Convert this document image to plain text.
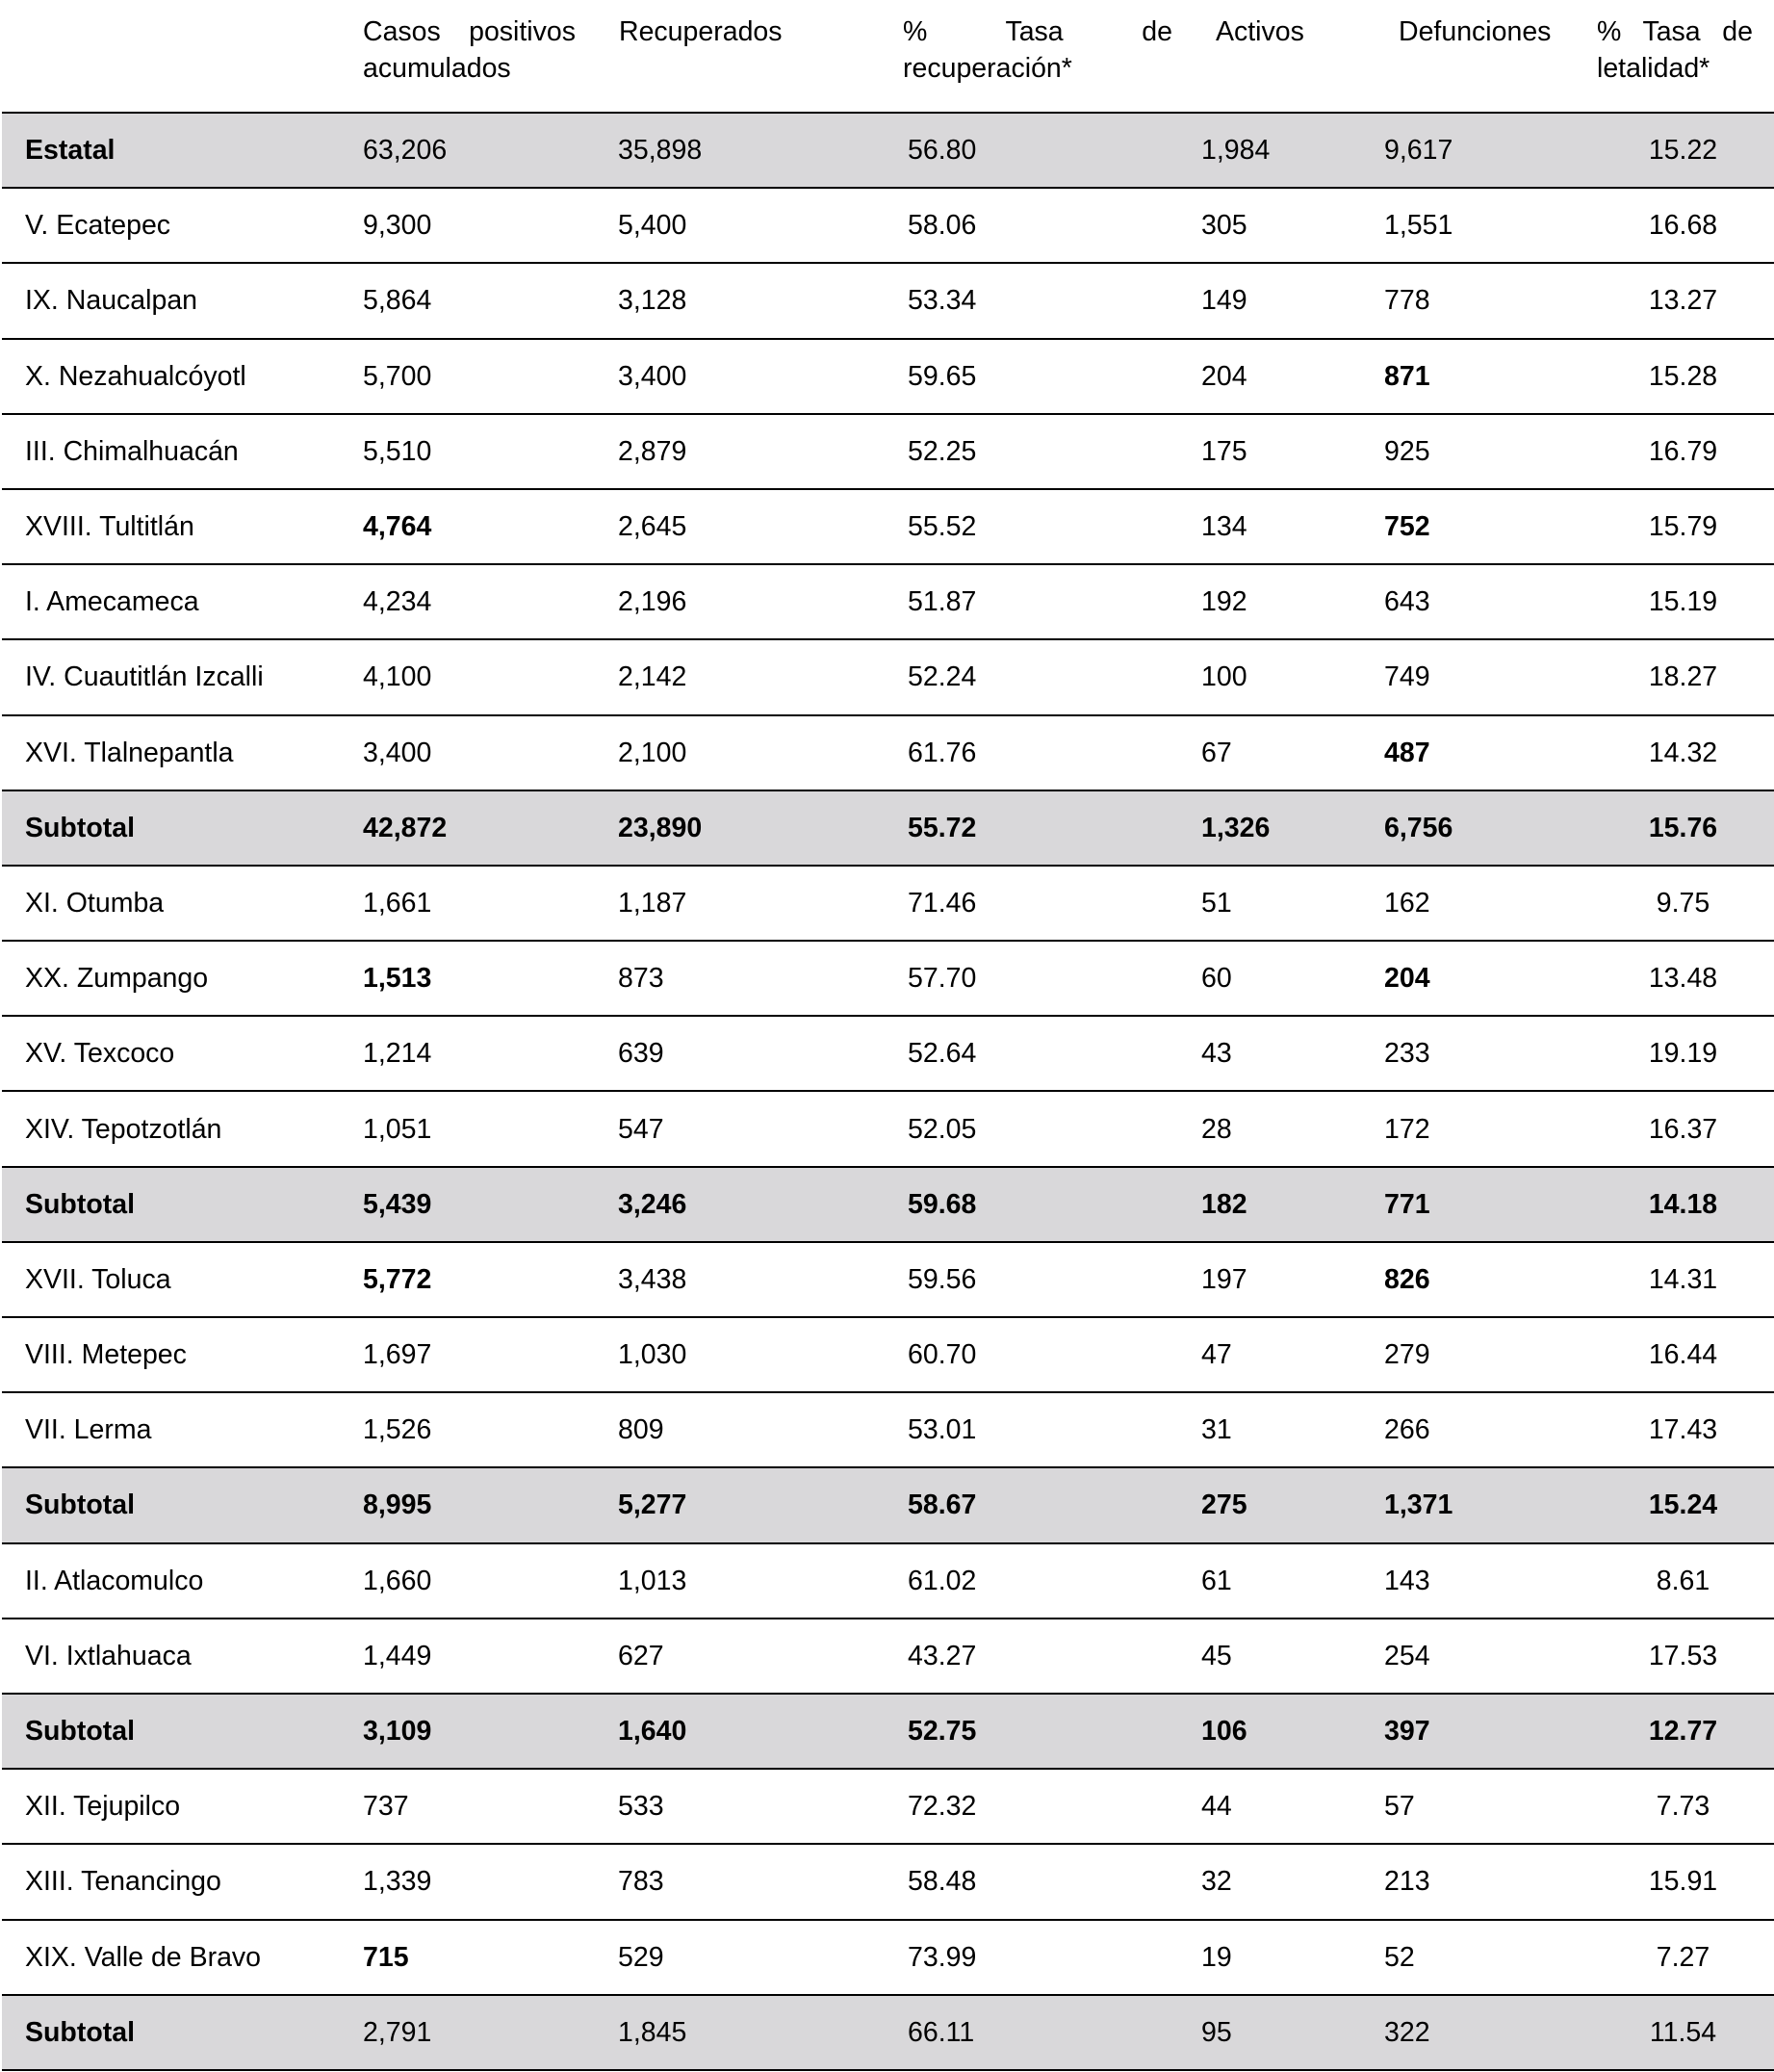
	Casos positivos acumulados	Recuperados	% Tasa de recuperación*	Activos	Defunciones	% Tasa de letalidad*
Estatal	63,206	35,898	56.80	1,984	9,617	15.22
V. Ecatepec	9,300	5,400	58.06	305	1,551	16.68
IX. Naucalpan	5,864	3,128	53.34	149	778	13.27
X. Nezahualcóyotl	5,700	3,400	59.65	204	871	15.28
III. Chimalhuacán	5,510	2,879	52.25	175	925	16.79
XVIII. Tultitlán	4,764	2,645	55.52	134	752	15.79
I. Amecameca	4,234	2,196	51.87	192	643	15.19
IV. Cuautitlán Izcalli	4,100	2,142	52.24	100	749	18.27
XVI. Tlalnepantla	3,400	2,100	61.76	67	487	14.32
Subtotal	42,872	23,890	55.72	1,326	6,756	15.76
XI. Otumba	1,661	1,187	71.46	51	162	9.75
XX. Zumpango	1,513	873	57.70	60	204	13.48
XV. Texcoco	1,214	639	52.64	43	233	19.19
XIV. Tepotzotlán	1,051	547	52.05	28	172	16.37
Subtotal	5,439	3,246	59.68	182	771	14.18
XVII. Toluca	5,772	3,438	59.56	197	826	14.31
VIII. Metepec	1,697	1,030	60.70	47	279	16.44
VII. Lerma	1,526	809	53.01	31	266	17.43
Subtotal	8,995	5,277	58.67	275	1,371	15.24
II. Atlacomulco	1,660	1,013	61.02	61	143	8.61
VI. Ixtlahuaca	1,449	627	43.27	45	254	17.53
Subtotal	3,109	1,640	52.75	106	397	12.77
XII. Tejupilco	737	533	72.32	44	57	7.73
XIII. Tenancingo	1,339	783	58.48	32	213	15.91
XIX. Valle de Bravo	715	529	73.99	19	52	7.27
Subtotal	2,791	1,845	66.11	95	322	11.54
